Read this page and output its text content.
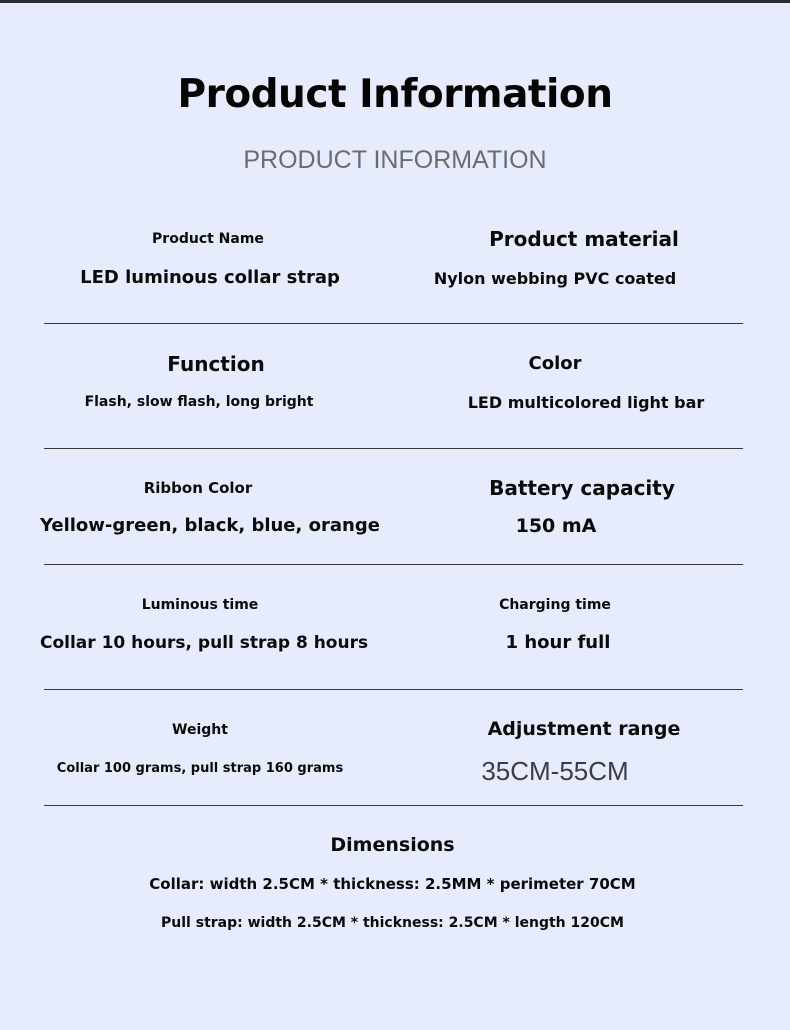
Product Information
PRODUCT INFORMATION
Product Name
LED luminous collar strap
Product material
Nylon webbing PVC coated
Function
Flash, slow flash, long bright
Color
LED multicolored light bar
Ribbon Color
Yellow-green, black, blue, orange
Battery capacity
150 mA
Luminous time
Collar 10 hours, pull strap 8 hours
Charging time
1 hour full
Weight
Collar 100 grams, pull strap 160 grams
Adjustment range
35CM-55CM
Dimensions
Collar: width 2.5CM * thickness: 2.5MM * perimeter 70CM
Pull strap: width 2.5CM * thickness: 2.5CM * length 120CM
